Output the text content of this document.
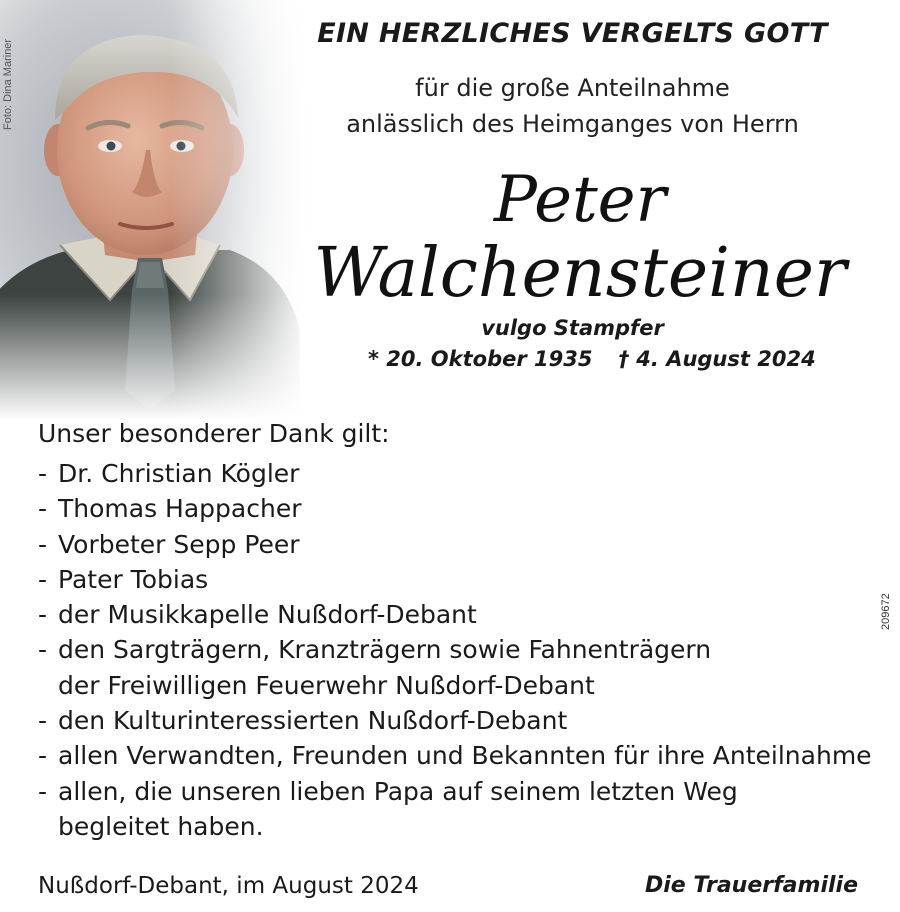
Foto: Dina Mariner
EIN HERZLICHES VERGELTS GOTT
für die große Anteilnahme
anlässlich des Heimganges von Herrn
Peter
Walchensteiner
vulgo Stampfer
* 20. Oktober 1935 † 4. August 2024
Unser besonderer Dank gilt:
- Dr. Christian Kögler
- Thomas Happacher
- Vorbeter Sepp Peer
- Pater Tobias
- der Musikkapelle Nußdorf-Debant
- den Sargträgern, Kranzträgern sowie Fahnenträgern
der Freiwilligen Feuerwehr Nußdorf-Debant
- den Kulturinteressierten Nußdorf-Debant
- allen Verwandten, Freunden und Bekannten für ihre Anteilnahme
- allen, die unseren lieben Papa auf seinem letzten Weg
begleitet haben.
Nußdorf-Debant, im August 2024	Die Trauerfamilie
209672
